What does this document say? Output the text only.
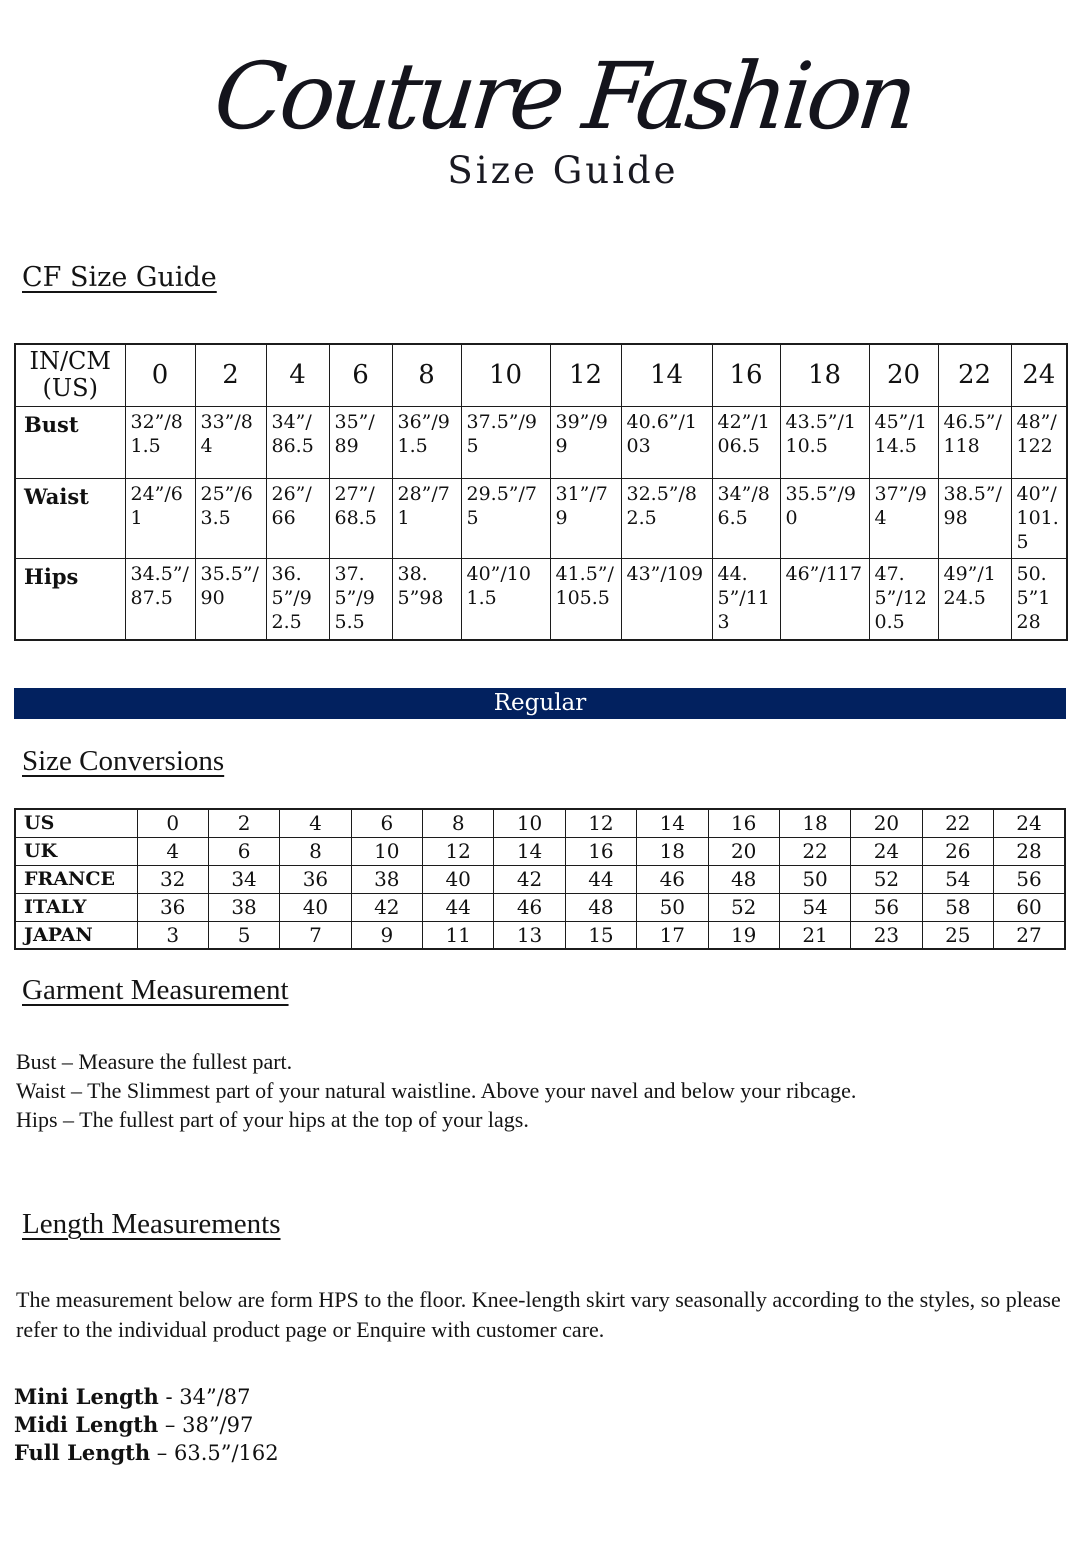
Couture Fashion
Size Guide
CF Size Guide
IN/CM (US)	0	2	4	6	8	10	12	14	16	18	20	22	24
Bust	32”/81.5	33”/84	34”/86.5	35”/89	36”/91.5	37.5”/95	39”/99	40.6”/103	42”/106.5	43.5”/110.5	45”/114.5	46.5”/118	48”/122
Waist	24”/61	25”/63.5	26”/66	27”/68.5	28”/71	29.5”/75	31”/79	32.5”/82.5	34”/86.5	35.5”/90	37”/94	38.5”/98	40”/101.5
Hips	34.5”/87.5	35.5”/90	36.5”/92.5	37.5”/95.5	38.5”98	40”/101.5	41.5”/105.5	43”/109	44.5”/113	46”/117	47.5”/120.5	49”/124.5	50.5”128
Regular
Size Conversions
US	0	2	4	6	8	10	12	14	16	18	20	22	24
UK	4	6	8	10	12	14	16	18	20	22	24	26	28
FRANCE	32	34	36	38	40	42	44	46	48	50	52	54	56
ITALY	36	38	40	42	44	46	48	50	52	54	56	58	60
JAPAN	3	5	7	9	11	13	15	17	19	21	23	25	27
Garment Measurement
Bust – Measure the fullest part.
Waist – The Slimmest part of your natural waistline. Above your navel and below your ribcage.
Hips – The fullest part of your hips at the top of your lags.
Length Measurements

The measurement below are form HPS to the floor. Knee-length skirt vary seasonally according to the styles, so please refer to the individual product page or Enquire with customer care.

Mini Length - 34”/87
Midi Length – 38”/97
Full Length – 63.5”/162
